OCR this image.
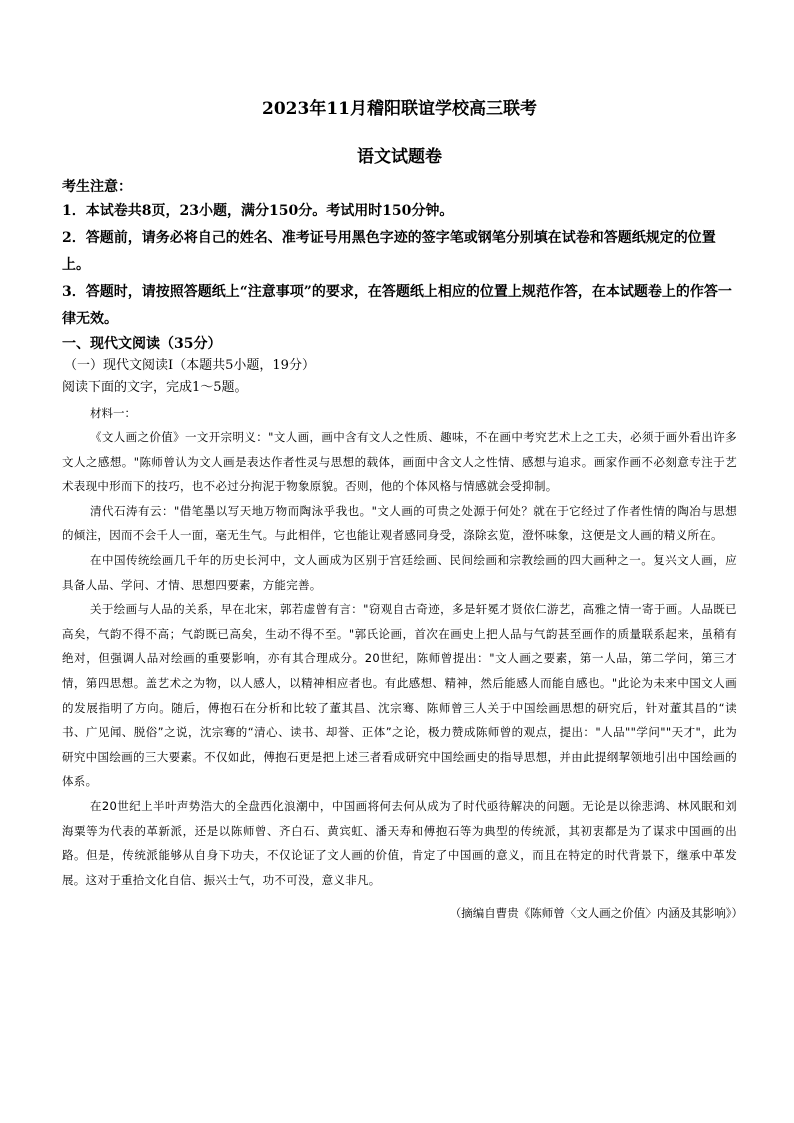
2023年11月稽阳联谊学校高三联考
语文试题卷

考生注意：

1．本试卷共8页，23小题，满分150分。考试用时150分钟。

2．答题前，请务必将自己的姓名、准考证号用黑色字迹的签字笔或钢笔分别填在试卷和答题纸规定的位置上。

3．答题时，请按照答题纸上“注意事项”的要求，在答题纸上相应的位置上规范作答，在本试题卷上的作答一律无效。

一、现代文阅读（35分）

（一）现代文阅读Ⅰ（本题共5小题，19分）

阅读下面的文字，完成1～5题。

材料一：

《文人画之价值》一文开宗明义："文人画，画中含有文人之性质、趣味，不在画中考究艺术上之工夫，必须于画外看出许多文人之感想。"陈师曾认为文人画是表达作者性灵与思想的载体，画面中含文人之性情、感想与追求。画家作画不必刻意专注于艺术表现中形而下的技巧，也不必过分拘泥于物象原貌。否则，他的个体风格与情感就会受抑制。

清代石涛有云："借笔墨以写天地万物而陶泳乎我也。"文人画的可贵之处源于何处？就在于它经过了作者性情的陶冶与思想的倾注，因而不会千人一面，毫无生气。与此相伴，它也能让观者感同身受，涤除玄览，澄怀味象，这便是文人画的精义所在。

在中国传统绘画几千年的历史长河中，文人画成为区别于宫廷绘画、民间绘画和宗教绘画的四大画种之一。复兴文人画，应具备人品、学问、才情、思想四要素，方能完善。

关于绘画与人品的关系，早在北宋，郭若虚曾有言："窃观自古奇迹，多是轩冕才贤依仁游艺，高雅之情一寄于画。人品既已高矣，气韵不得不高；气韵既已高矣，生动不得不至。"郭氏论画，首次在画史上把人品与气韵甚至画作的质量联系起来，虽稍有绝对，但强调人品对绘画的重要影响，亦有其合理成分。20世纪，陈师曾提出："文人画之要素，第一人品，第二学问，第三才情，第四思想。盖艺术之为物，以人感人，以精神相应者也。有此感想、精神，然后能感人而能自感也。"此论为未来中国文人画的发展指明了方向。随后，傅抱石在分析和比较了董其昌、沈宗骞、陈师曾三人关于中国绘画思想的研究后，针对董其昌的“读书、广见闻、脱俗”之说，沈宗骞的“清心、读书、却誉、正体”之论，极力赞成陈师曾的观点，提出："人品""学问""天才"，此为研究中国绘画的三大要素。不仅如此，傅抱石更是把上述三者看成研究中国绘画史的指导思想，并由此提纲挈领地引出中国绘画的体系。

在20世纪上半叶声势浩大的全盘西化浪潮中，中国画将何去何从成为了时代亟待解决的问题。无论是以徐悲鸿、林风眠和刘海粟等为代表的革新派，还是以陈师曾、齐白石、黄宾虹、潘天寿和傅抱石等为典型的传统派，其初衷都是为了谋求中国画的出路。但是，传统派能够从自身下功夫，不仅论证了文人画的价值，肯定了中国画的意义，而且在特定的时代背景下，继承中革发展。这对于重拾文化自信、振兴士气，功不可没，意义非凡。

（摘编自曹贵《陈师曾〈文人画之价值〉内涵及其影响》）
